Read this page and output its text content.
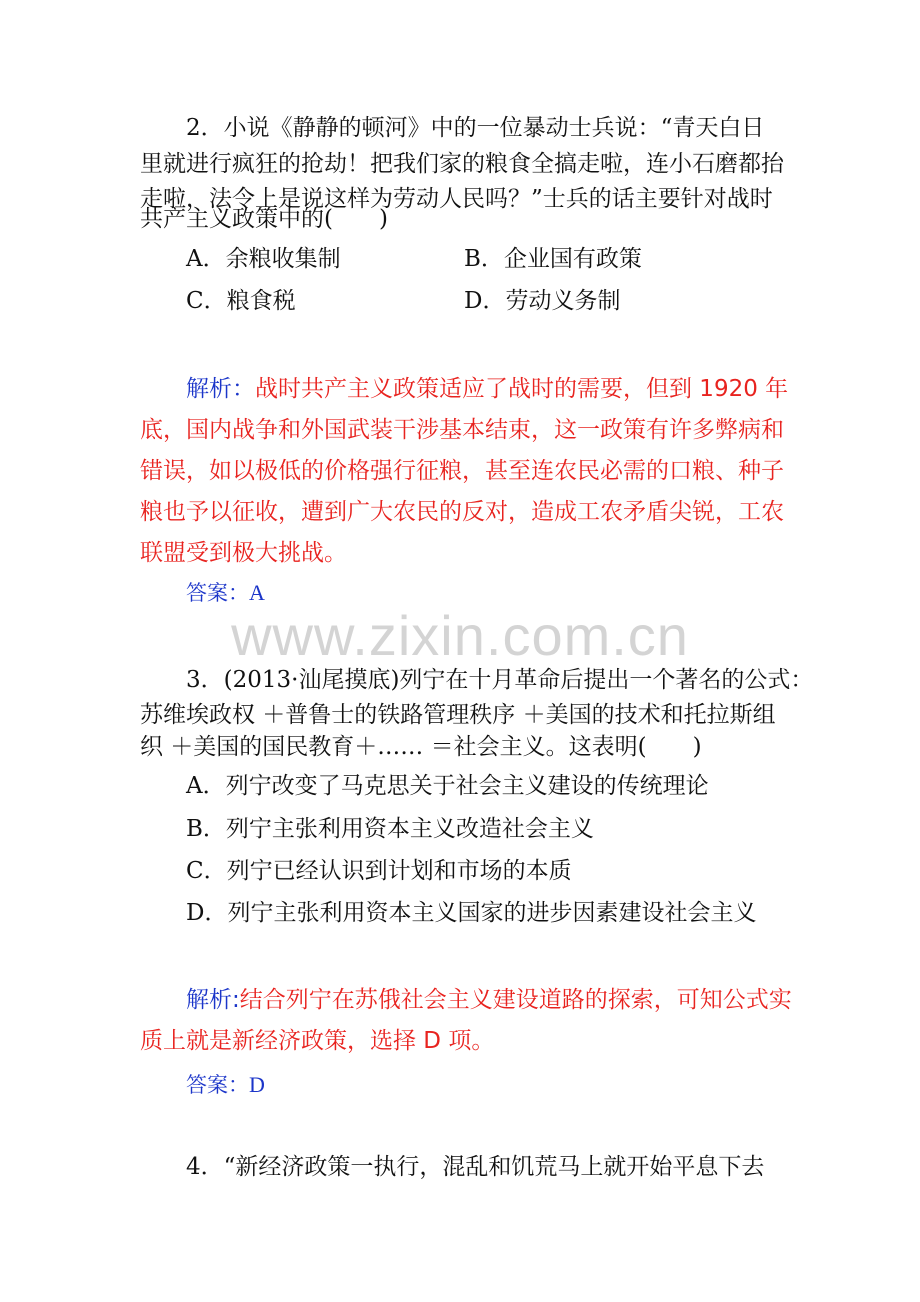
2．小说《静静的顿河》中的一位暴动士兵说：“青天白日
里就进行疯狂的抢劫！把我们家的粮食全搞走啦，连小石磨都抬
走啦，法令上是说这样为劳动人民吗？”士兵的话主要针对战时
共产主义政策中的(　　)
A．余粮收集制	B．企业国有政策
C．粮食税	D．劳动义务制
解析：战时共产主义政策适应了战时的需要，但到 1920 年底，国内战争和外国武装干涉基本结束，这一政策有许多弊病和错误，如以极低的价格强行征粮，甚至连农民必需的口粮、种子粮也予以征收，遭到广大农民的反对，造成工农矛盾尖锐，工农联盟受到极大挑战。
答案：A
www.zixin.com.cn
3．(2013·汕尾摸底)列宁在十月革命后提出一个著名的公式：
苏维埃政权 ＋普鲁士的铁路管理秩序 ＋美国的技术和托拉斯组
织 ＋美国的国民教育＋…… ＝社会主义。这表明(　　)
A．列宁改变了马克思关于社会主义建设的传统理论
B．列宁主张利用资本主义改造社会主义
C．列宁已经认识到计划和市场的本质
D．列宁主张利用资本主义国家的进步因素建设社会主义
解析:结合列宁在苏俄社会主义建设道路的探索，可知公式实质上就是新经济政策，选择 D 项。
答案：D
4．“新经济政策一执行，混乱和饥荒马上就开始平息下去
